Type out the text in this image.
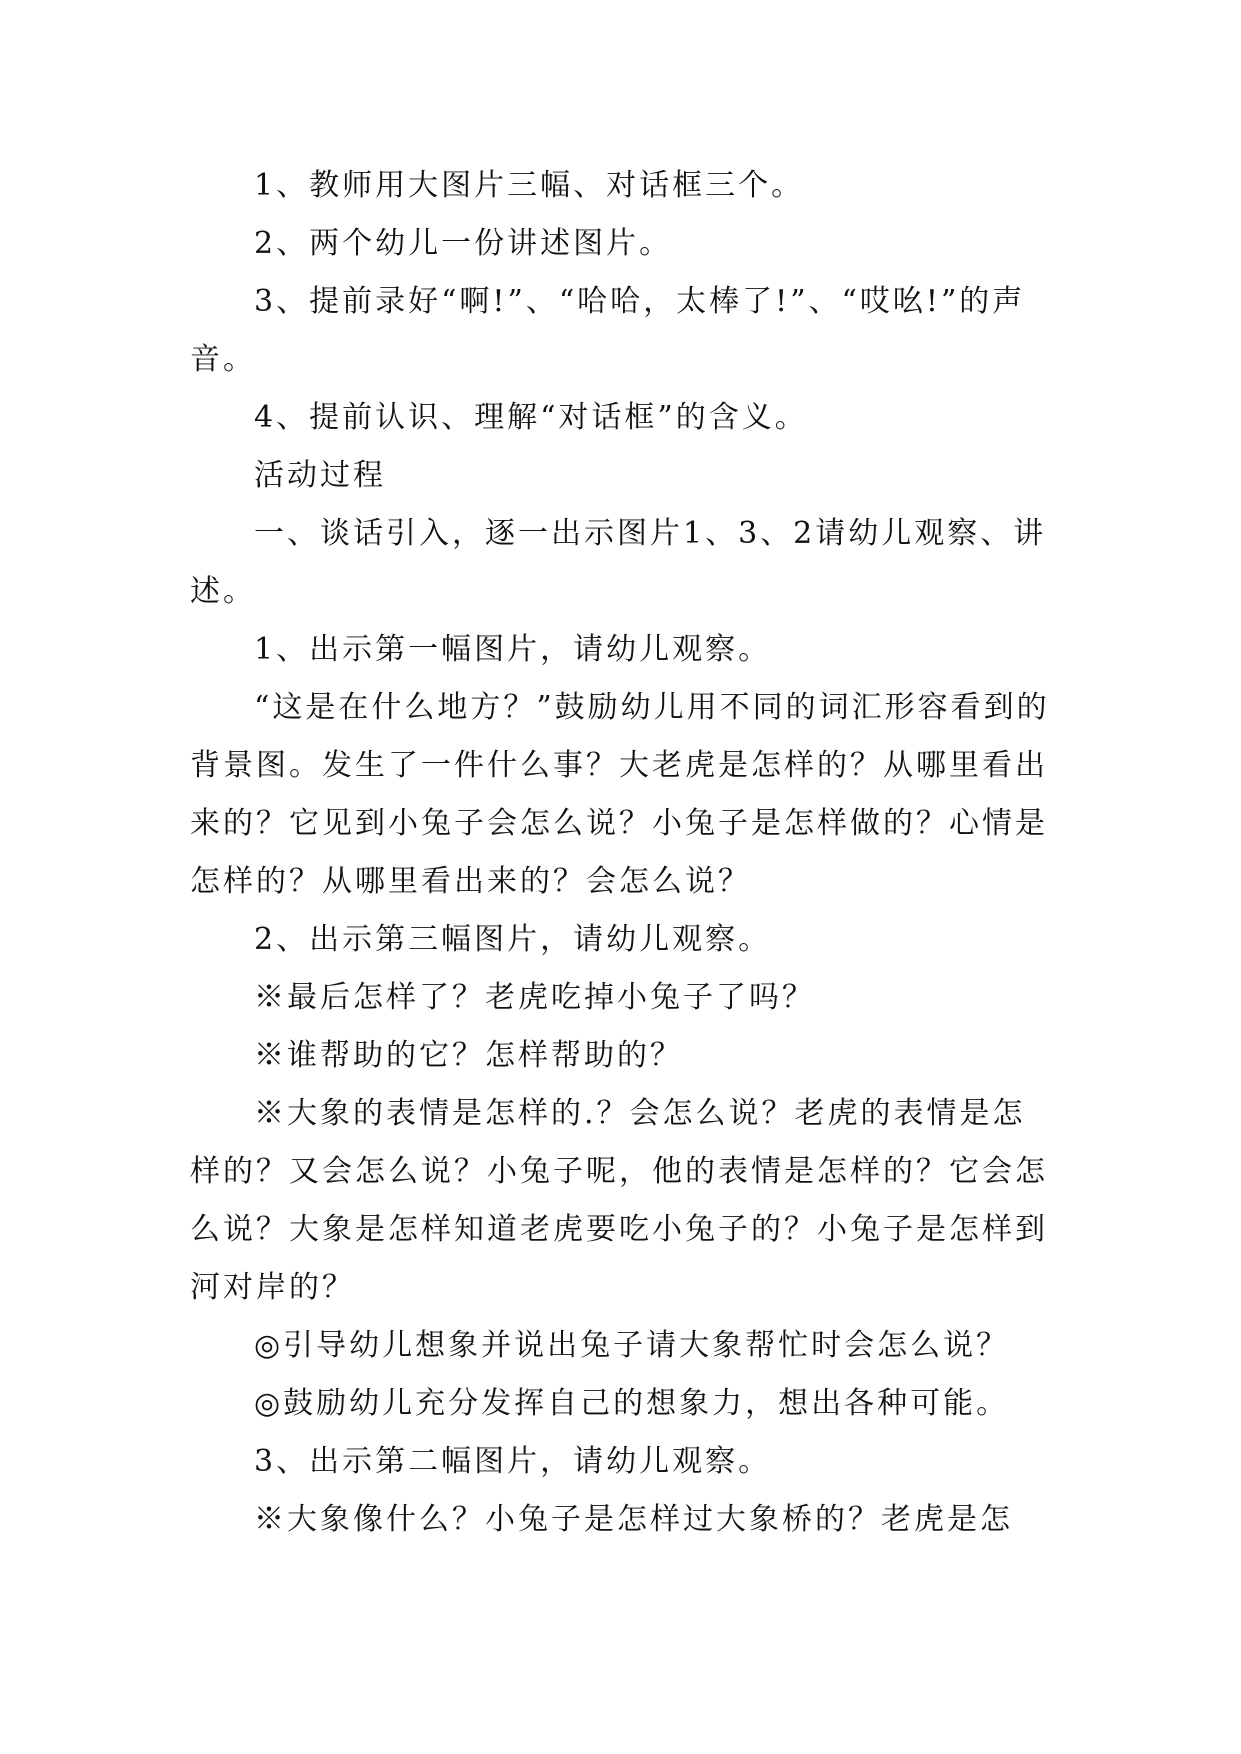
1、教师用大图片三幅、对话框三个。

2、两个幼儿一份讲述图片。

3、提前录好“啊!”、“哈哈，太棒了!”、“哎吆!”的声音。

4、提前认识、理解“对话框”的含义。

活动过程

一、谈话引入，逐一出示图片1、3、2请幼儿观察、讲述。

1、出示第一幅图片，请幼儿观察。

“这是在什么地方？”鼓励幼儿用不同的词汇形容看到的背景图。发生了一件什么事？大老虎是怎样的？从哪里看出来的？它见到小兔子会怎么说？小兔子是怎样做的？心情是怎样的？从哪里看出来的？会怎么说？

2、出示第三幅图片，请幼儿观察。

※最后怎样了？老虎吃掉小兔子了吗？

※谁帮助的它？怎样帮助的？

※大象的表情是怎样的.？会怎么说？老虎的表情是怎样的？又会怎么说？小兔子呢，他的表情是怎样的？它会怎么说？大象是怎样知道老虎要吃小兔子的？小兔子是怎样到河对岸的？

◎引导幼儿想象并说出兔子请大象帮忙时会怎么说？

◎鼓励幼儿充分发挥自己的想象力，想出各种可能。

3、出示第二幅图片，请幼儿观察。

※大象像什么？小兔子是怎样过大象桥的？老虎是怎
